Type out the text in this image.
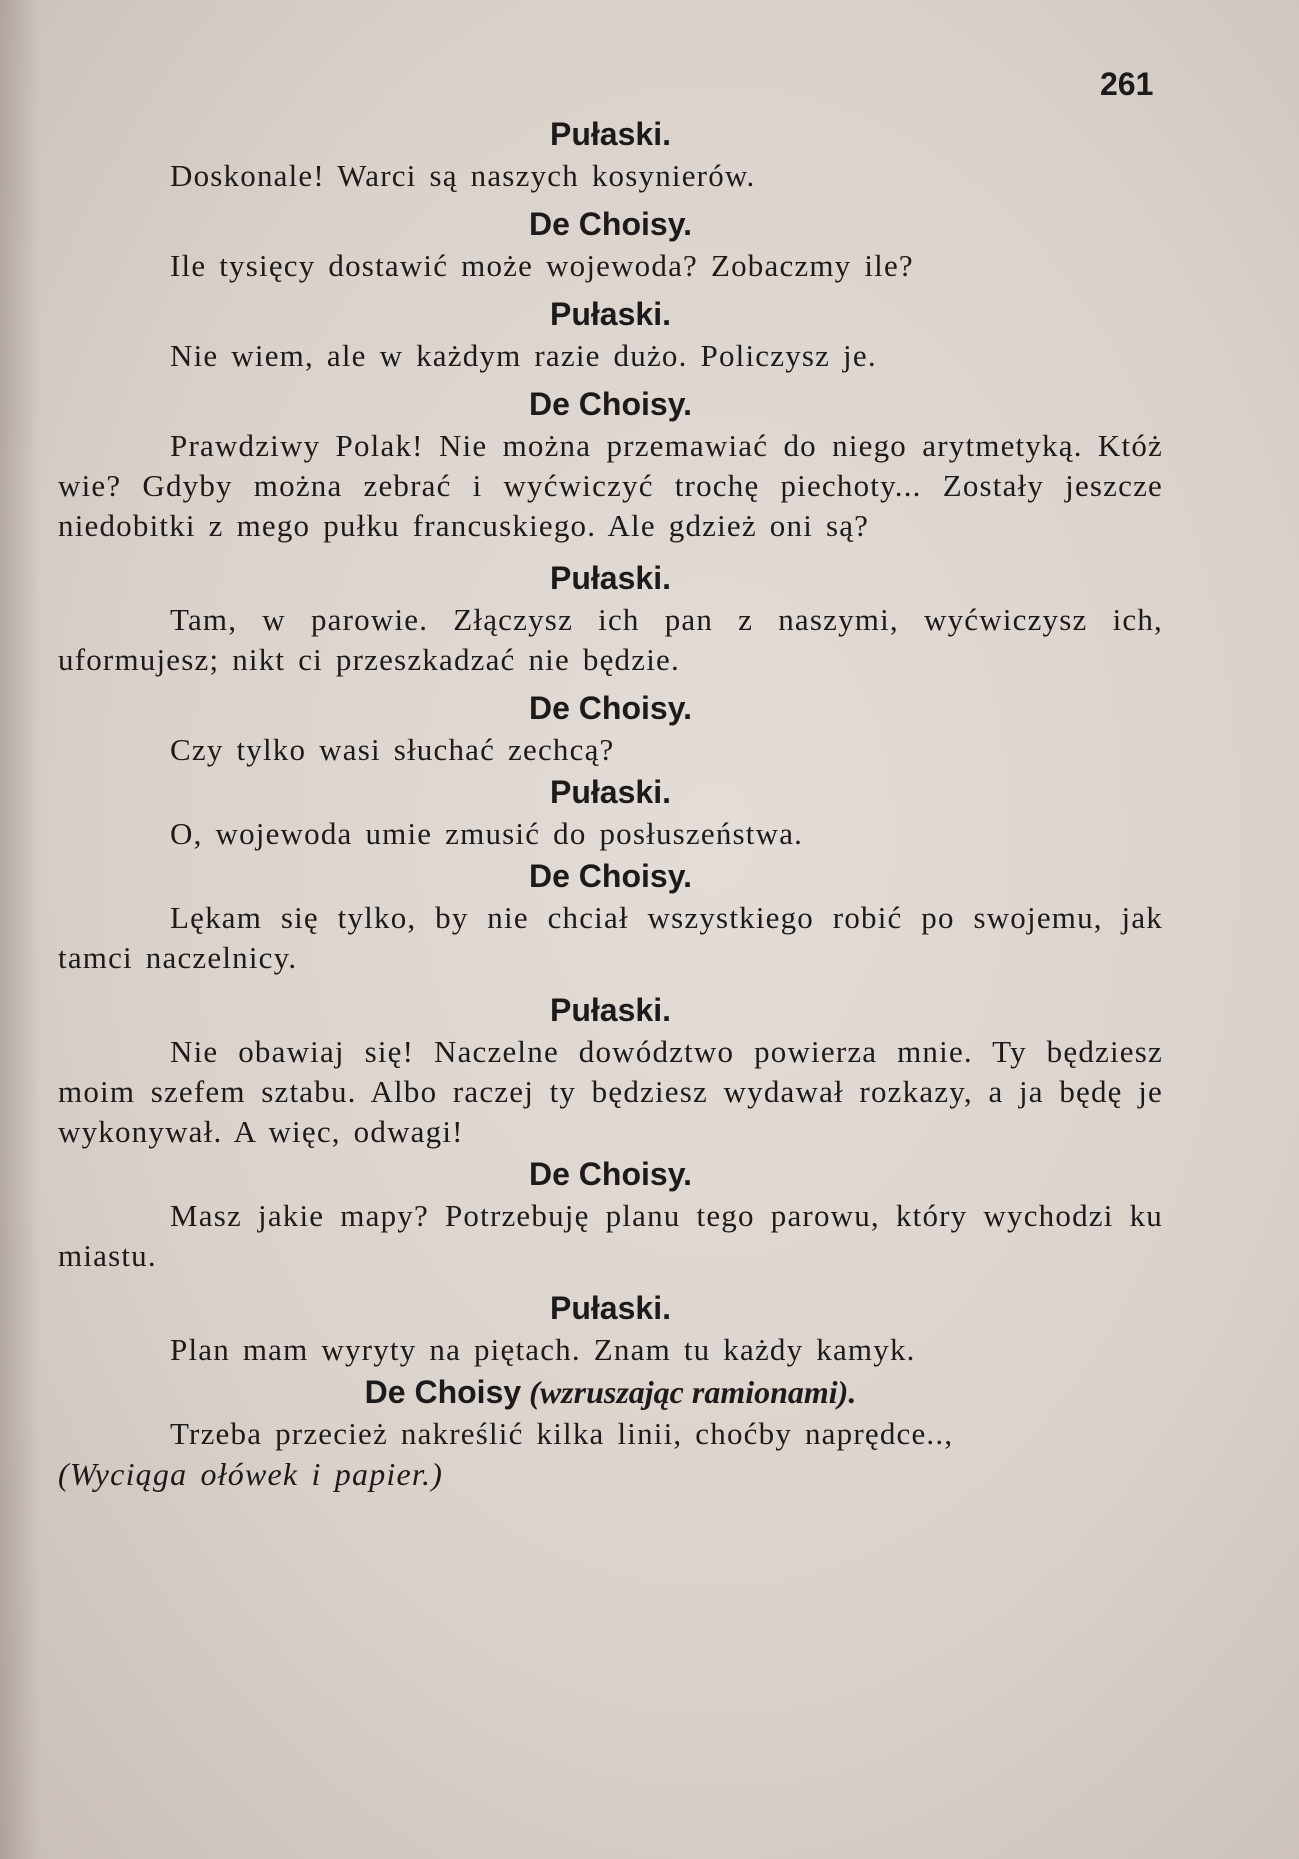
261
Pułaski.

Doskonale! Warci są naszych kosynierów.

De Choisy.

Ile tysięcy dostawić może wojewoda? Zobaczmy ile?

Pułaski.

Nie wiem, ale w każdym razie dużo. Policzysz je.

De Choisy.

Prawdziwy Polak! Nie można przemawiać do niego arytmetyką. Któż wie? Gdyby można zebrać i wyćwiczyć trochę piechoty... Zostały jeszcze niedobitki z mego pułku francuskiego. Ale gdzież oni są?

Pułaski.

Tam, w parowie. Złączysz ich pan z naszymi, wyćwiczysz ich, uformujesz; nikt ci przeszkadzać nie będzie.

De Choisy.

Czy tylko wasi słuchać zechcą?

Pułaski.

O, wojewoda umie zmusić do posłuszeństwa.

De Choisy.

Lękam się tylko, by nie chciał wszystkiego robić po swojemu, jak tamci naczelnicy.

Pułaski.

Nie obawiaj się! Naczelne dowództwo powierza mnie. Ty będziesz moim szefem sztabu. Albo raczej ty będziesz wydawał rozkazy, a ja będę je wykonywał. A więc, odwagi!

De Choisy.

Masz jakie mapy? Potrzebuję planu tego parowu, który wychodzi ku miastu.

Pułaski.

Plan mam wyryty na piętach. Znam tu każdy kamyk.

De Choisy (wzruszając ramionami).

Trzeba przecież nakreślić kilka linii, choćby naprędce..,

(Wyciąga ołówek i papier.)
